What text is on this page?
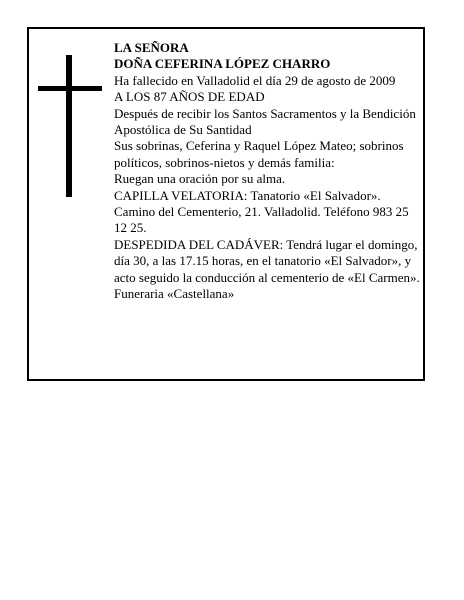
LA SEÑORA

DOÑA CEFERINA LÓPEZ CHARRO

Ha fallecido en Valladolid el día 29 de agosto de 2009

A LOS 87 AÑOS DE EDAD

Después de recibir los Santos Sacramentos y la Bendición Apostólica de Su Santidad

Sus sobrinas, Ceferina y Raquel López Mateo; sobrinos políticos, sobrinos-nietos y demás familia:

Ruegan una oración por su alma.

CAPILLA VELATORIA: Tanatorio «El Salvador». Camino del Cementerio, 21. Valladolid. Teléfono 983 25 12 25.

DESPEDIDA DEL CADÁVER: Tendrá lugar el domingo, día 30, a las 17.15 horas, en el tanatorio «El Salvador», y acto seguido la conducción al cementerio de «El Carmen».

Funeraria «Castellana»
